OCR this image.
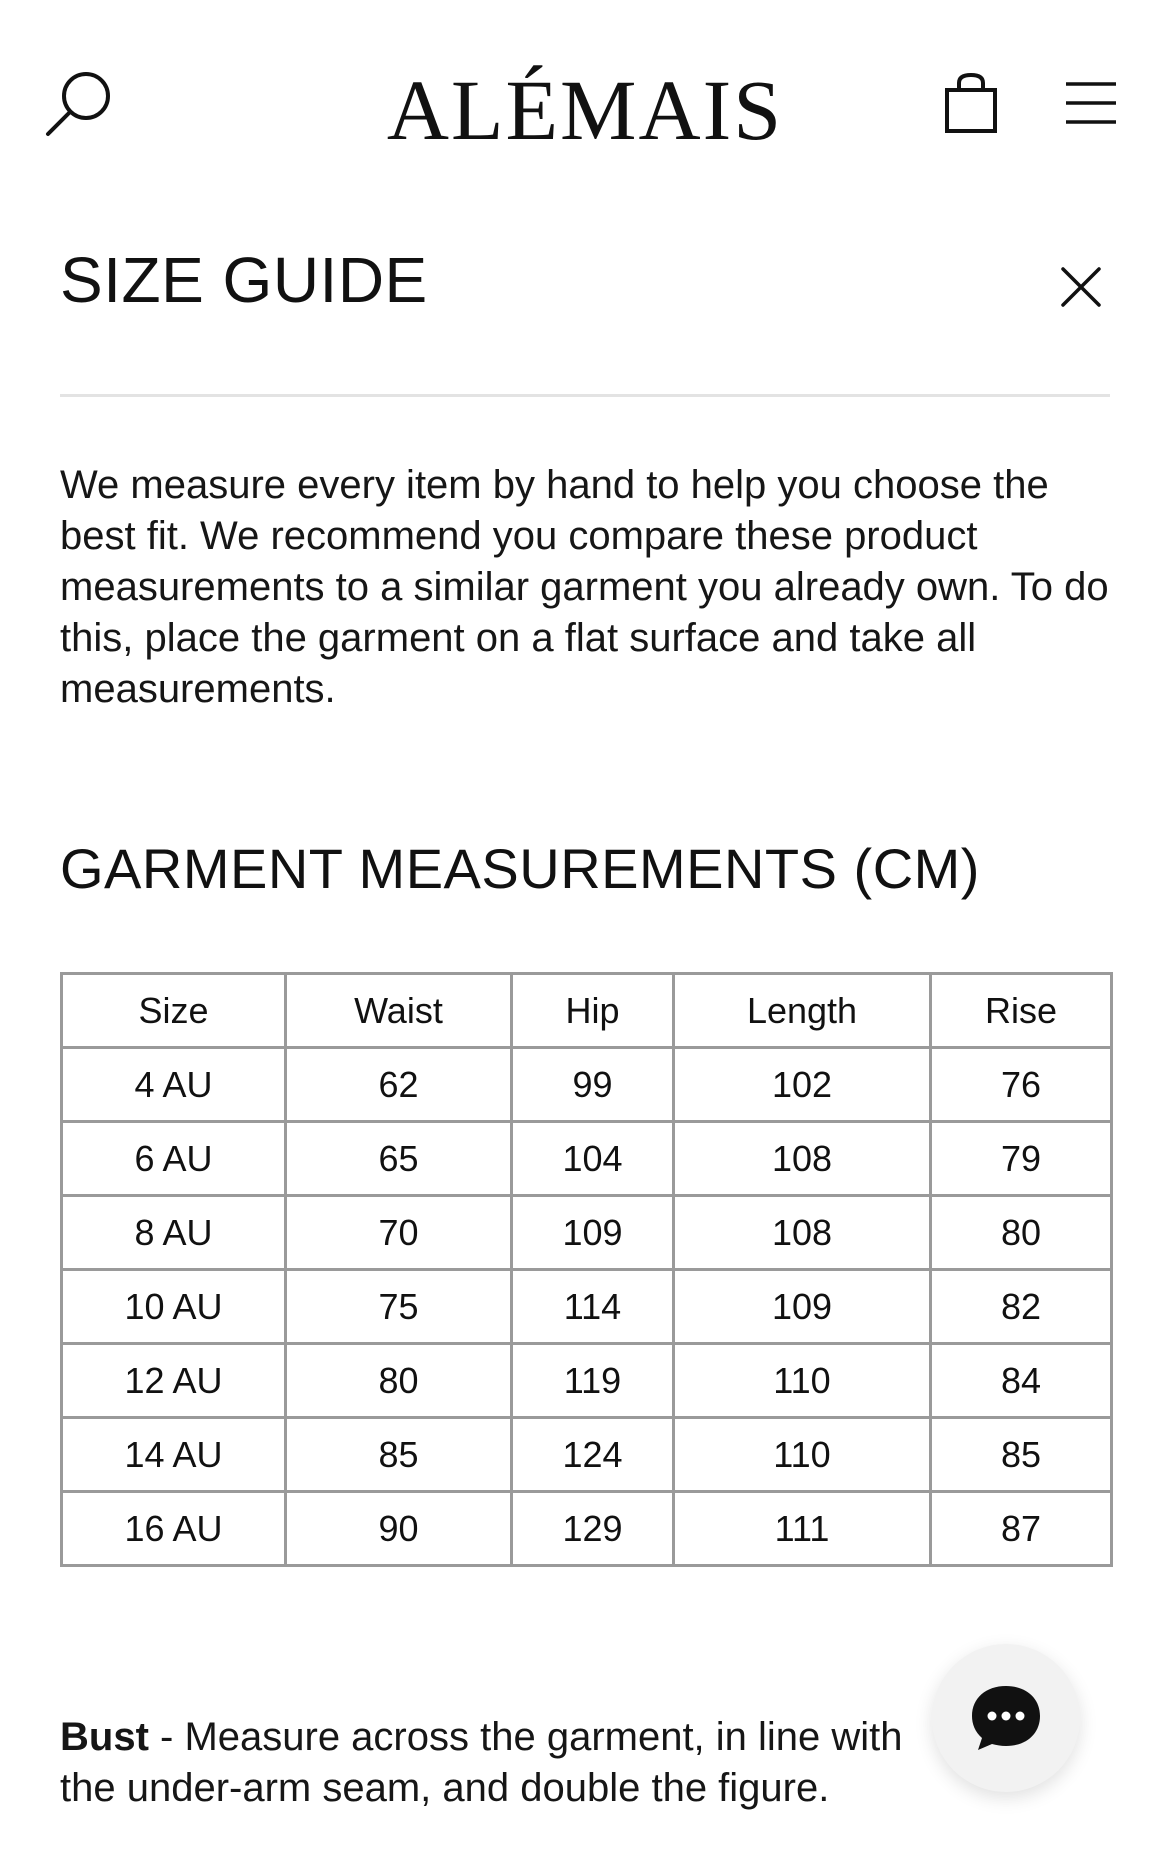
ALÉMAIS
SIZE GUIDE

We measure every item by hand to help you choose the best fit. We recommend you compare these product measurements to a similar garment you already own. To do this, place the garment on a flat surface and take all measurements.

GARMENT MEASUREMENTS (CM)
Size	Waist	Hip	Length	Rise
4 AU	62	99	102	76
6 AU	65	104	108	79
8 AU	70	109	108	80
10 AU	75	114	109	82
12 AU	80	119	110	84
14 AU	85	124	110	85
16 AU	90	129	111	87

Bust - Measure across the garment, in line with the under-arm seam, and double the figure.
